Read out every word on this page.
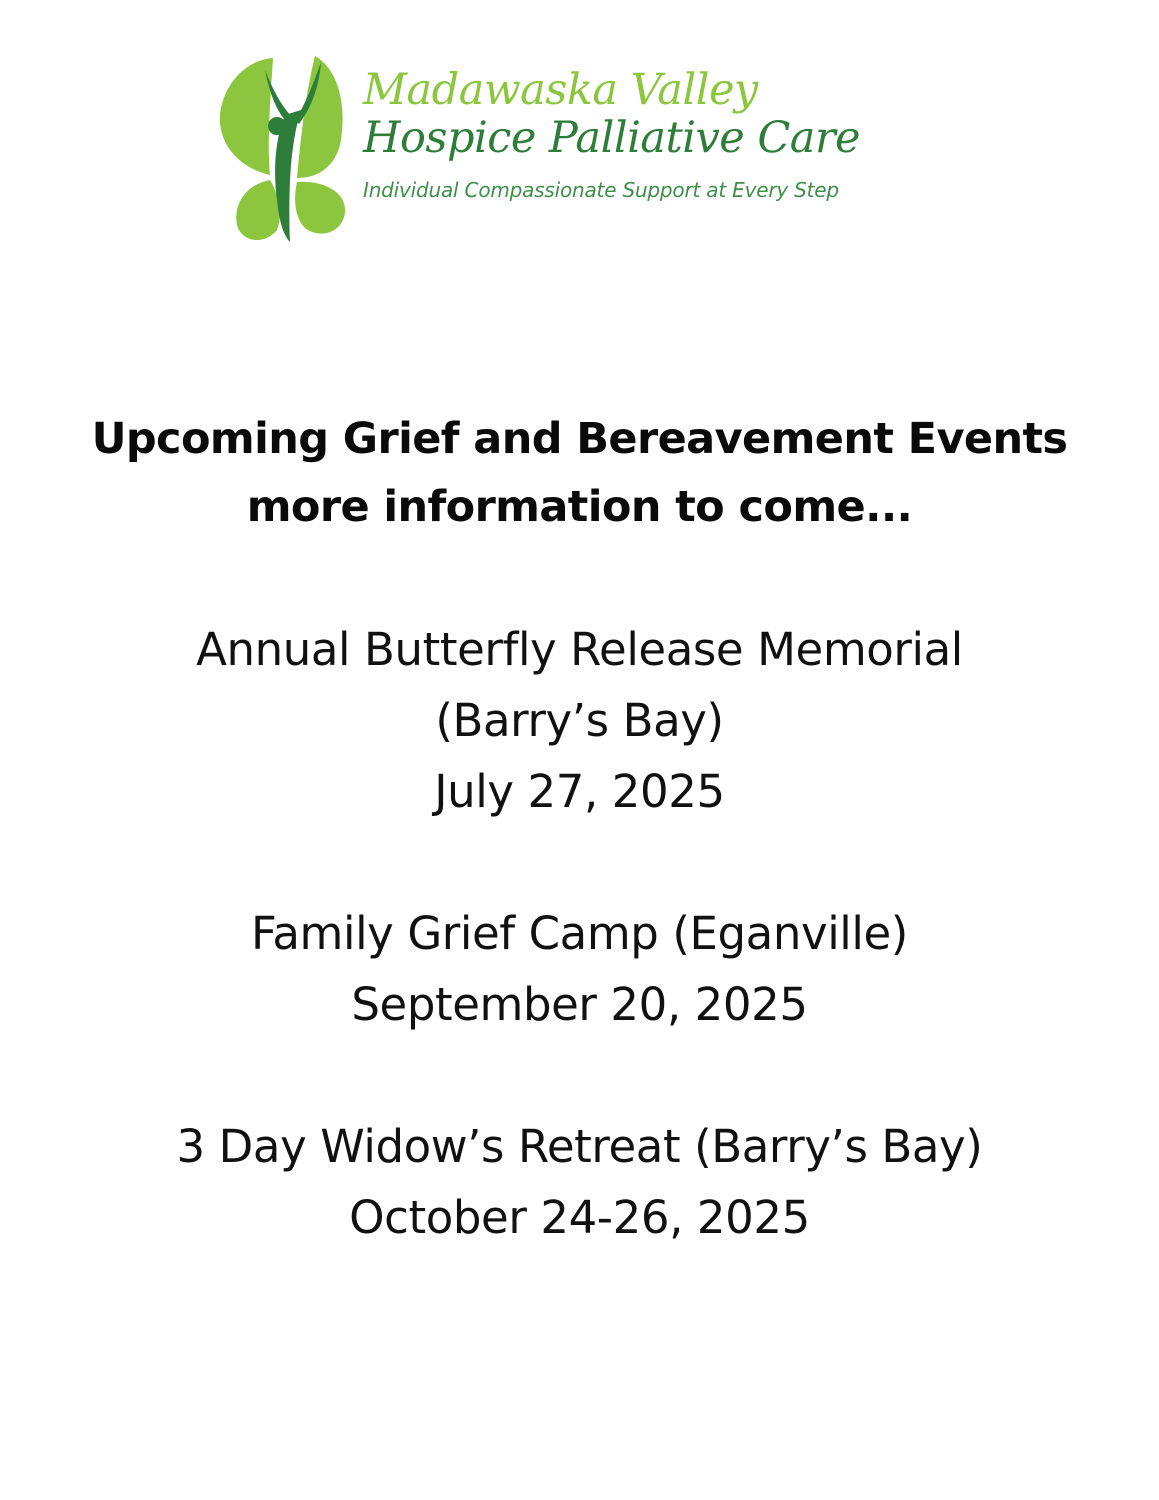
Madawaska Valley
Hospice Palliative Care
Individual Compassionate Support at Every Step
Upcoming Grief and Bereavement Events
more information to come...
Annual Butterfly Release Memorial
(Barry’s Bay)
July 27, 2025
Family Grief Camp (Eganville)
September 20, 2025
3 Day Widow’s Retreat (Barry’s Bay)
October 24-26, 2025
